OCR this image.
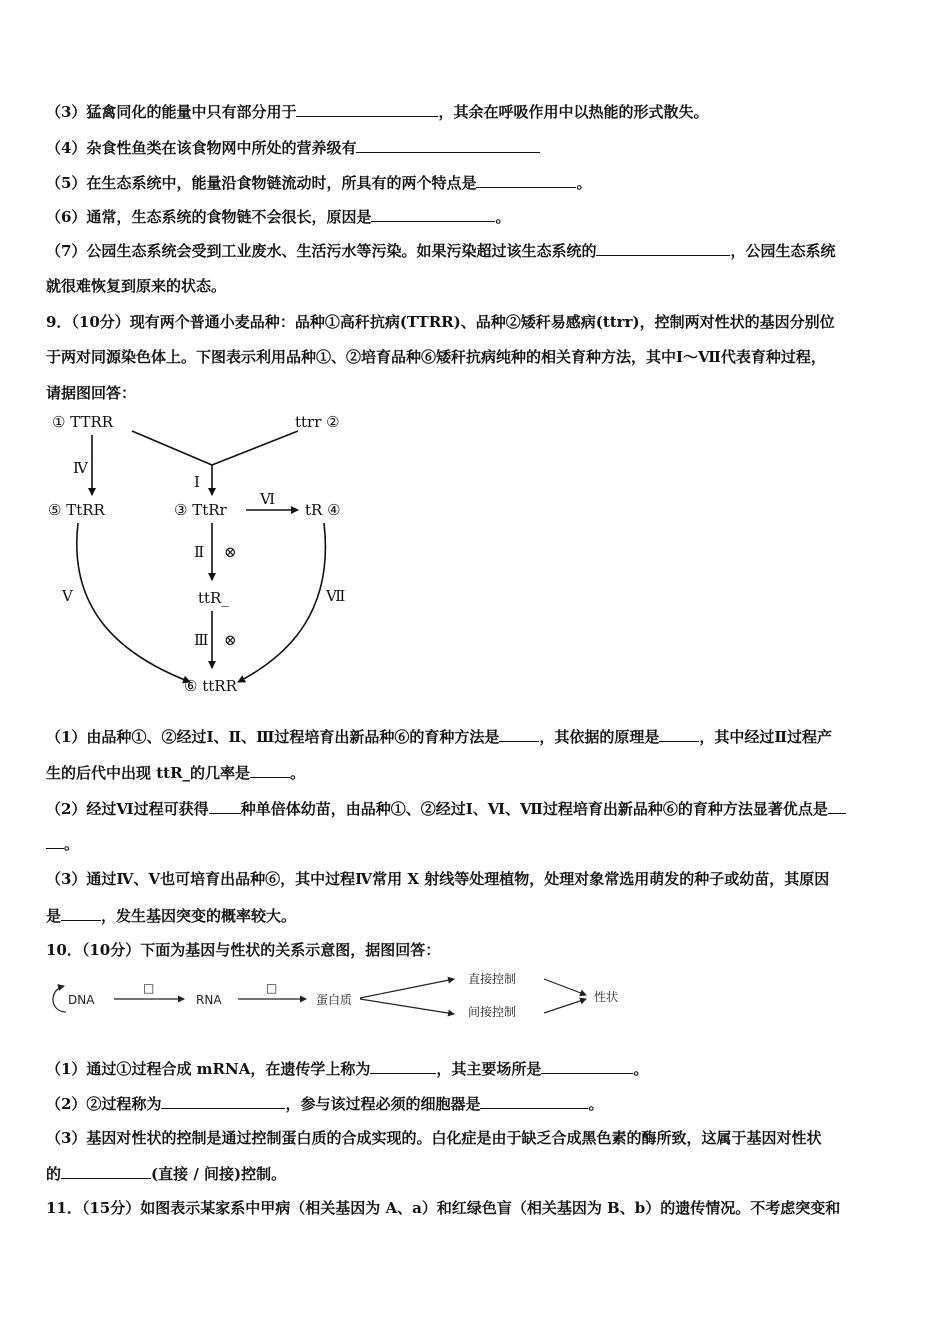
（3）猛禽同化的能量中只有部分用于	，其余在呼吸作用中以热能的形式散失。
（4）杂食性鱼类在该食物网中所处的营养级有
（5）在生态系统中，能量沿食物链流动时，所具有的两个特点是	。
（6）通常，生态系统的食物链不会很长，原因是	。
（7）公园生态系统会受到工业废水、生活污水等污染。如果污染超过该生态系统的	，公园生态系统
就很难恢复到原来的状态。
9．（10分）现有两个普通小麦品种：品种①高秆抗病(TTRR)、品种②矮秆易感病(ttrr)，控制两对性状的基因分别位
于两对同源染色体上。下图表示利用品种①、②培育品种⑥矮秆抗病纯种的相关育种方法，其中Ⅰ～Ⅶ代表育种过程，
请据图回答：
① TTRR	ttrr ②
Ⅰ
Ⅳ
⑤ TtRR	③ TtRr	tR ④
Ⅵ
Ⅱ ⊗
ttR_
Ⅲ ⊗
Ⅴ	Ⅶ
⑥ ttRR
（1）由品种①、②经过Ⅰ、Ⅱ、Ⅲ过程培育出新品种⑥的育种方法是	，其依据的原理是	，其中经过Ⅱ过程产
生的后代中出现 ttR_的几率是	。
（2）经过Ⅵ过程可获得 种单倍体幼苗，由品种①、②经过Ⅰ、Ⅵ、Ⅶ过程培育出新品种⑥的育种方法显著优点是
。
（3）通过Ⅳ、Ⅴ也可培育出品种⑥，其中过程Ⅳ常用 X 射线等处理植物，处理对象常选用萌发的种子或幼苗，其原因
是	，发生基因突变的概率较大。
10．（10分）下面为基因与性状的关系示意图，据图回答：
DNA
□
RNA
□
蛋白质
直接控制
间接控制
性状
（1）通过①过程合成 mRNA，在遗传学上称为	，其主要场所是	。
（2）②过程称为	，参与该过程必须的细胞器是	。
（3）基因对性状的控制是通过控制蛋白质的合成实现的。白化症是由于缺乏合成黑色素的酶所致，这属于基因对性状
的	(直接 / 间接)控制。
11．（15分）如图表示某家系中甲病（相关基因为 A、a）和红绿色盲（相关基因为 B、b）的遗传情况。不考虑突变和
